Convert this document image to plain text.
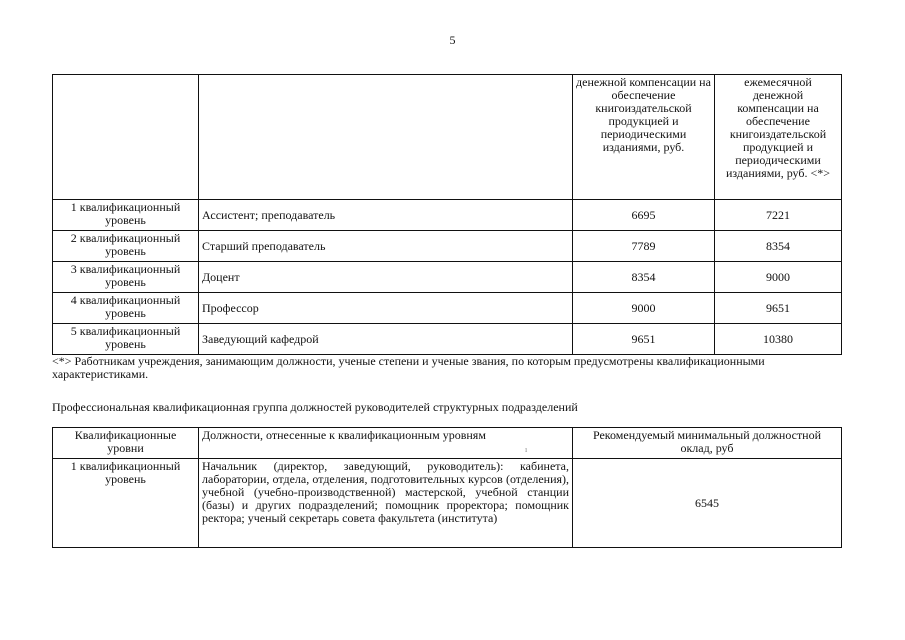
5
		денежной компенсации на обеспечение книгоиздательской продукцией и периодическими изданиями, руб.	ежемесячной денежной компенсации на обеспечение книгоиздательской продукцией и периодическими изданиями, руб. <*>
1 квалификационный уровень	Ассистент; преподаватель	6695	7221
2 квалификационный уровень	Старший преподаватель	7789	8354
3 квалификационный уровень	Доцент	8354	9000
4 квалификационный уровень	Профессор	9000	9651
5 квалификационный уровень	Заведующий кафедрой	9651	10380
<*> Работникам учреждения, занимающим должности, ученые степени и ученые звания, по которым предусмотрены квалификационными характеристиками.
Профессиональная квалификационная группа должностей руководителей структурных подразделений
Квалификационные уровни	Должности, отнесенные к квалификационным уровням	Рекомендуемый минимальный должностной оклад, руб
1 квалификационный уровень	Начальник (директор, заведующий, руководитель): кабинета, лаборатории, отдела, отделения, подготовительных курсов (отделения), учебной (учебно-производственной) мастерской, учебной станции (базы) и других подразделений; помощник проректора; помощник ректора; ученый секретарь совета факультета (института)	6545
ı
